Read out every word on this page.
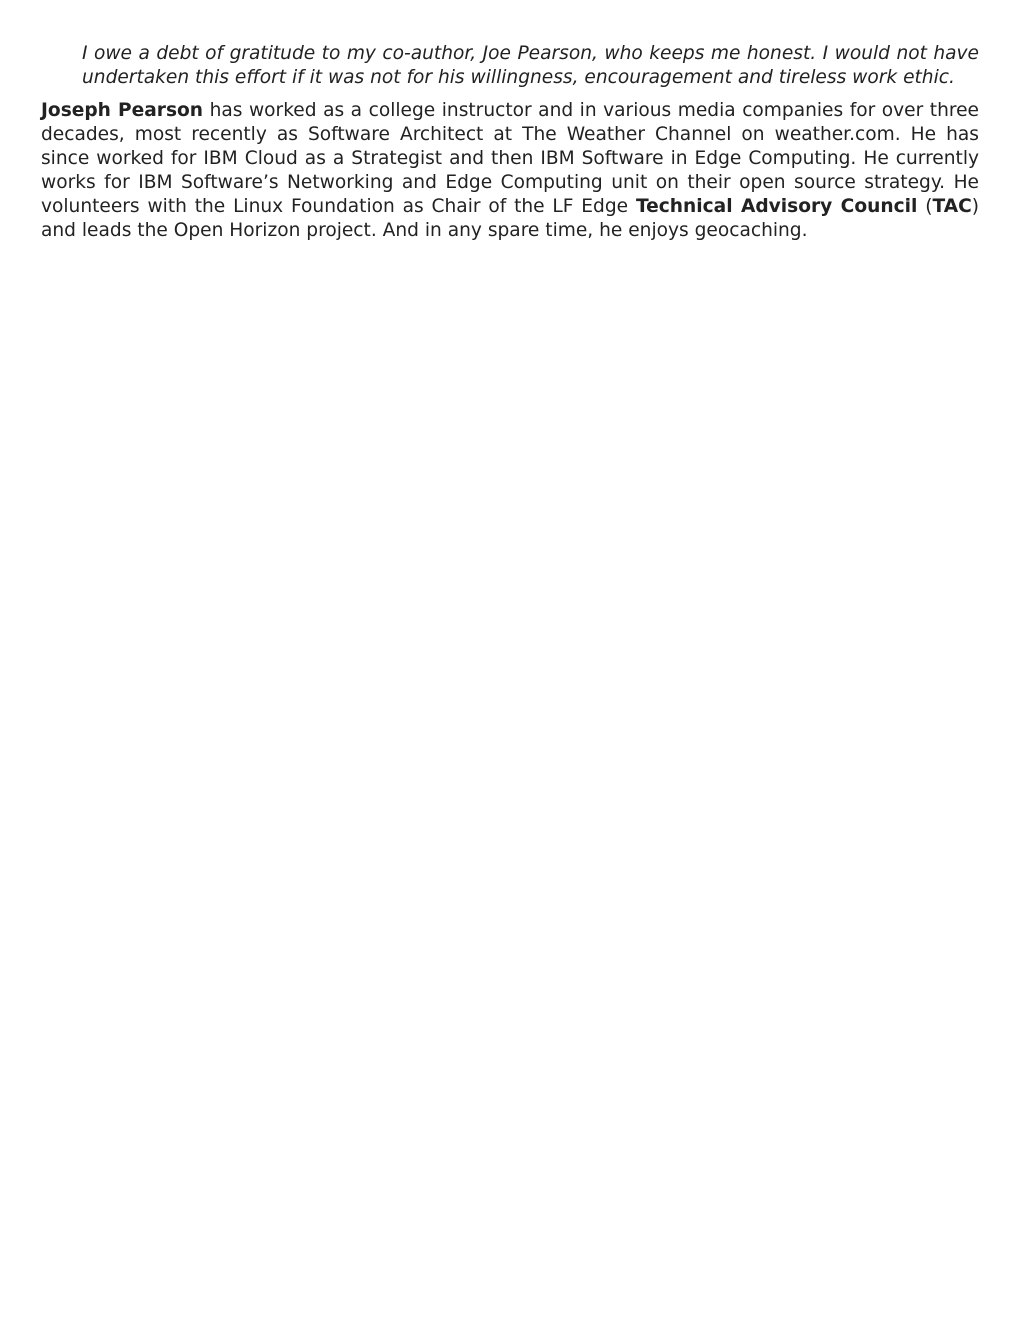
I owe a debt of gratitude to my co-author, Joe Pearson, who keeps me honest. I would not have undertaken this effort if it was not for his willingness, encouragement and tireless work ethic.

Joseph Pearson has worked as a college instructor and in various media companies for over three decades, most recently as Software Architect at The Weather Channel on weather.com. He has since worked for IBM Cloud as a Strategist and then IBM Software in Edge Computing. He currently works for IBM Software’s Networking and Edge Computing unit on their open source strategy. He volunteers with the Linux Foundation as Chair of the LF Edge Technical Advisory Council (TAC) and leads the Open Horizon project. And in any spare time, he enjoys geocaching.
